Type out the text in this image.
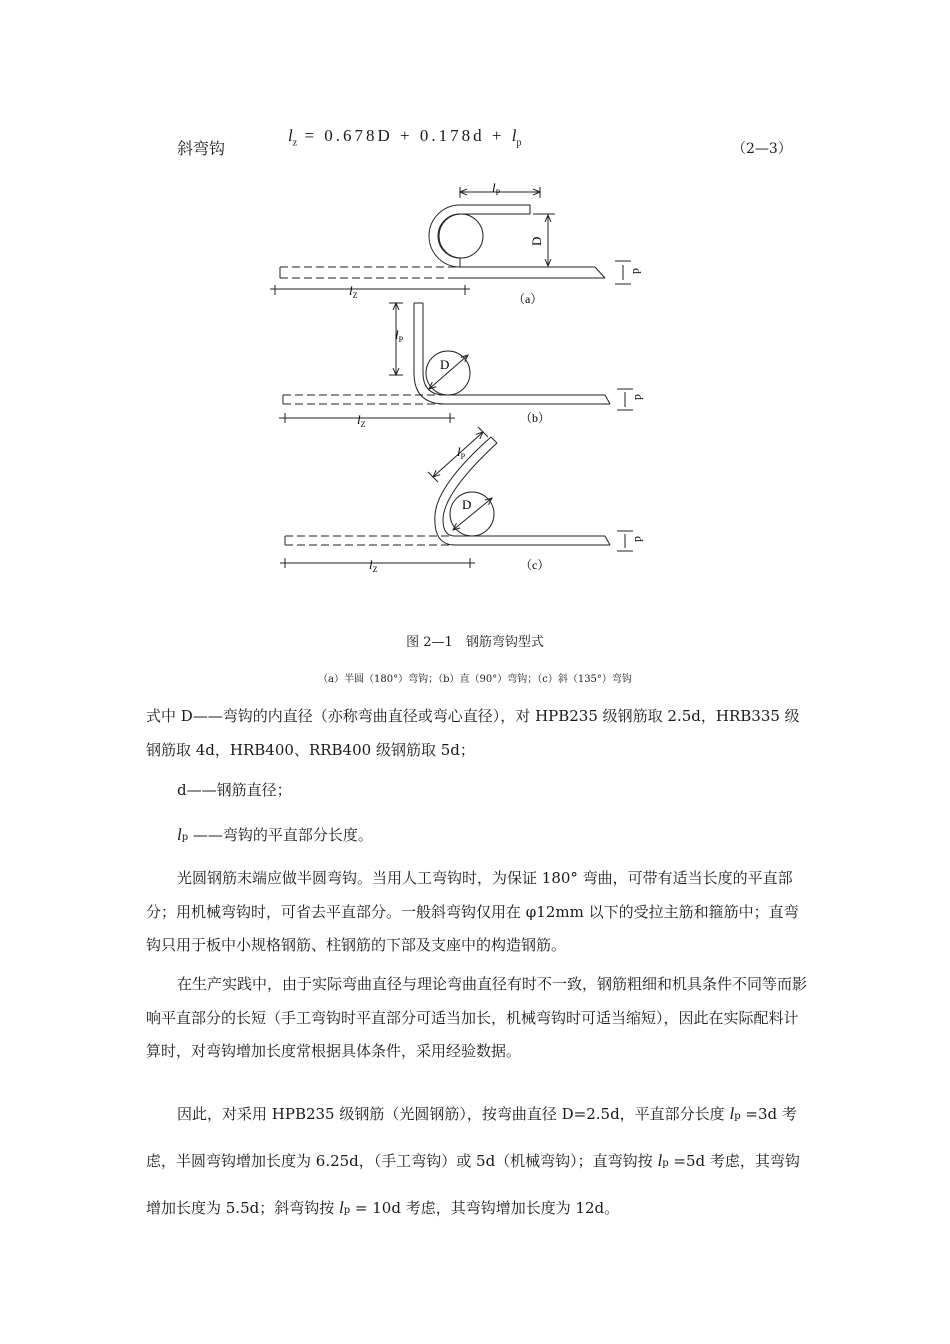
斜弯钩
$l_z = 0.678D + 0.178d + l_p$	（2—3）
$l_P$
D
$l_Z$
d
（a）
$l_P$
D
$l_Z$
d
（b）
$l_P$
D
$l_Z$
d
（c）
图 2—1　钢筋弯钩型式
（a）半圆（180°）弯钩；（b）直（90°）弯钩；（c）斜（135°）弯钩

式中 D——弯钩的内直径（亦称弯曲直径或弯心直径），对 HPB235 级钢筋取 2.5d，HRB335 级钢筋取 4d，HRB400、RRB400 级钢筋取 5d；

d——钢筋直径；

lp ——弯钩的平直部分长度。

光圆钢筋末端应做半圆弯钩。当用人工弯钩时，为保证 180° 弯曲，可带有适当长度的平直部分；用机械弯钩时，可省去平直部分。一般斜弯钩仅用在 φ12mm 以下的受拉主筋和箍筋中；直弯钩只用于板中小规格钢筋、柱钢筋的下部及支座中的构造钢筋。

在生产实践中，由于实际弯曲直径与理论弯曲直径有时不一致，钢筋粗细和机具条件不同等而影响平直部分的长短（手工弯钩时平直部分可适当加长，机械弯钩时可适当缩短），因此在实际配料计算时，对弯钩增加长度常根据具体条件，采用经验数据。

因此，对采用 HPB235 级钢筋（光圆钢筋），按弯曲直径 D=2.5d，平直部分长度 lp =3d 考虑，半圆弯钩增加长度为 6.25d，（手工弯钩）或 5d（机械弯钩）；直弯钩按 lp =5d 考虑，其弯钩增加长度为 5.5d；斜弯钩按 lp = 10d 考虑，其弯钩增加长度为 12d。
